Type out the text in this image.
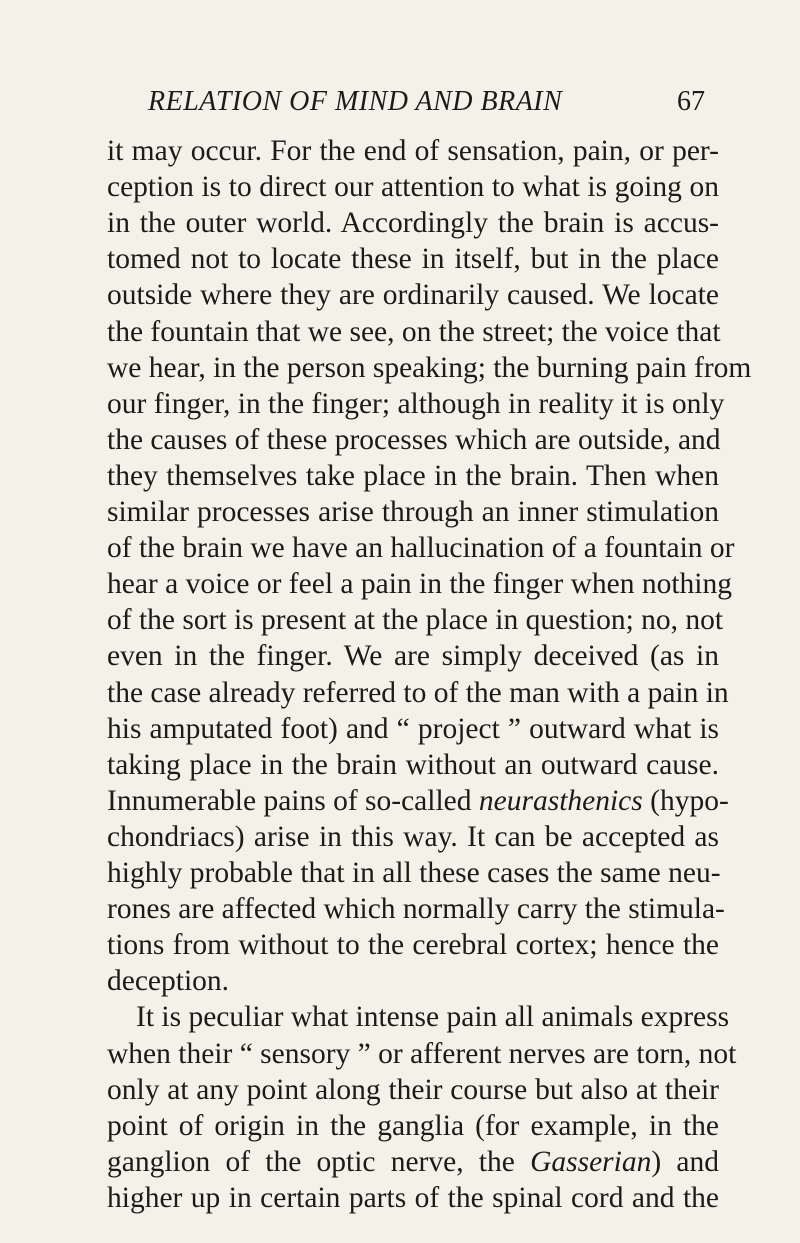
RELATION OF MIND AND BRAIN	67
it may occur. For the end of sensation, pain, or per-
ception is to direct our attention to what is going on
in the outer world. Accordingly the brain is accus-
tomed not to locate these in itself, but in the place
outside where they are ordinarily caused. We locate
the fountain that we see, on the street; the voice that
we hear, in the person speaking; the burning pain from
our finger, in the finger; although in reality it is only
the causes of these processes which are outside, and
they themselves take place in the brain. Then when
similar processes arise through an inner stimulation
of the brain we have an hallucination of a fountain or
hear a voice or feel a pain in the finger when nothing
of the sort is present at the place in question; no, not
even in the finger. We are simply deceived (as in
the case already referred to of the man with a pain in
his amputated foot) and “ project ” outward what is
taking place in the brain without an outward cause.
Innumerable pains of so-called neurasthenics (hypo-
chondriacs) arise in this way. It can be accepted as
highly probable that in all these cases the same neu-
rones are affected which normally carry the stimula-
tions from without to the cerebral cortex; hence the
deception.
It is peculiar what intense pain all animals express
when their “ sensory ” or afferent nerves are torn, not
only at any point along their course but also at their
point of origin in the ganglia (for example, in the
ganglion of the optic nerve, the Gasserian) and
higher up in certain parts of the spinal cord and the
